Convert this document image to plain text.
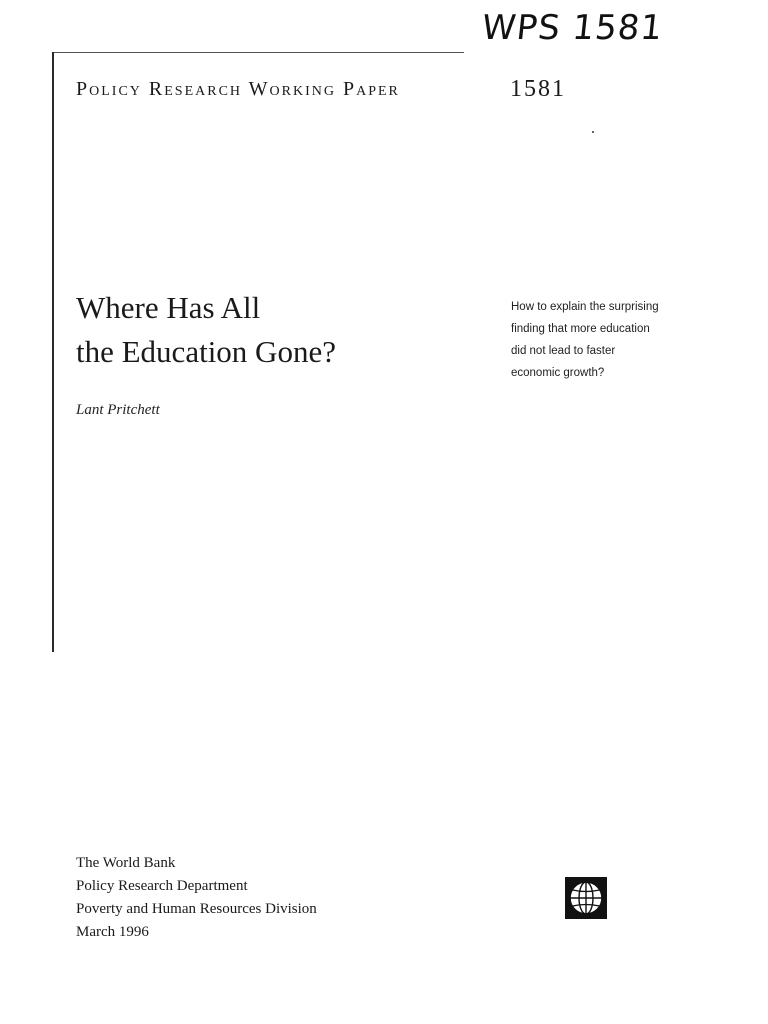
WPS 1581
Policy Research Working Paper	1581
Where Has All
the Education Gone?
Lant Pritchett
How to explain the surprising
finding that more education
did not lead to faster
economic growth?
The World Bank
Policy Research Department
Poverty and Human Resources Division
March 1996
